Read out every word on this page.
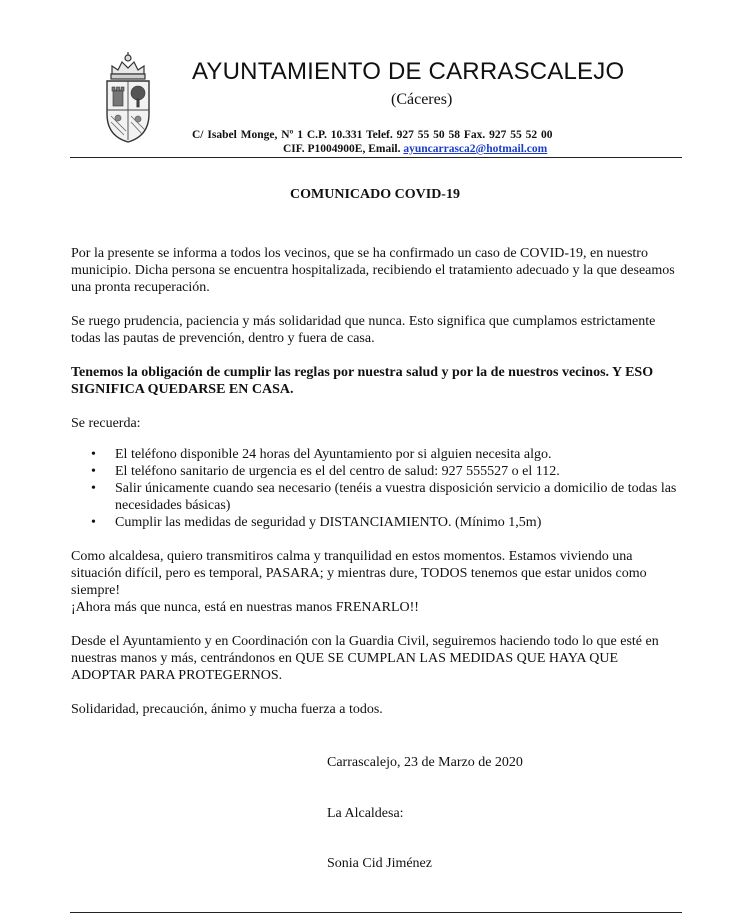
AYUNTAMIENTO DE CARRASCALEJO
(Cáceres)
C/ Isabel Monge, Nº 1 C.P. 10.331 Telef. 927 55 50 58 Fax. 927 55 52 00
CIF. P1004900E, Email. ayuncarrasca2@hotmail.com
COMUNICADO COVID-19

Por la presente se informa a todos los vecinos, que se ha confirmado un caso de COVID-19, en nuestro municipio. Dicha persona se encuentra hospitalizada, recibiendo el tratamiento adecuado y la que deseamos una pronta recuperación.

Se ruego prudencia, paciencia y más solidaridad que nunca. Esto significa que cumplamos estrictamente todas las pautas de prevención, dentro y fuera de casa.

Tenemos la obligación de cumplir las reglas por nuestra salud y por la de nuestros vecinos. Y ESO SIGNIFICA QUEDARSE EN CASA.

Se recuerda:

• El teléfono disponible 24 horas del Ayuntamiento por si alguien necesita algo.
• El teléfono sanitario de urgencia es el del centro de salud: 927 555527 o el 112.
• Salir únicamente cuando sea necesario (tenéis a vuestra disposición servicio a domicilio de todas las necesidades básicas)
• Cumplir las medidas de seguridad y DISTANCIAMIENTO. (Mínimo 1,5m)

Como alcaldesa, quiero transmitiros calma y tranquilidad en estos momentos. Estamos viviendo una situación difícil, pero es temporal, PASARA; y mientras dure, TODOS tenemos que estar unidos como siempre!

¡Ahora más que nunca, está en nuestras manos FRENARLO!!

Desde el Ayuntamiento y en Coordinación con la Guardia Civil, seguiremos haciendo todo lo que esté en nuestras manos y más, centrándonos en QUE SE CUMPLAN LAS MEDIDAS QUE HAYA QUE ADOPTAR PARA PROTEGERNOS.

Solidaridad, precaución, ánimo y mucha fuerza a todos.

Carrascalejo, 23 de Marzo de 2020
La Alcaldesa:
Sonia Cid Jiménez
